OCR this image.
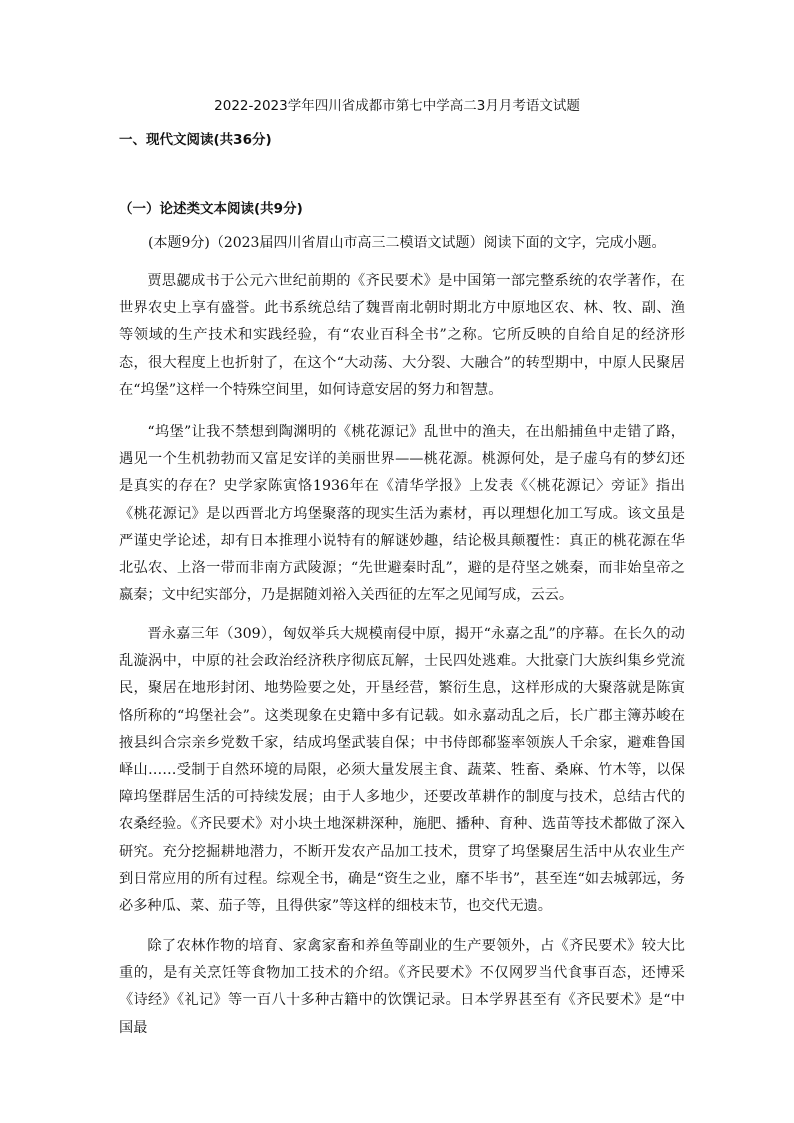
2022-2023学年四川省成都市第七中学高二3月月考语文试题
一、现代文阅读(共36分)
（一）论述类文本阅读(共9分)
(本题9分)（2023届四川省眉山市高三二模语文试题）阅读下面的文字，完成小题。
贾思勰成书于公元六世纪前期的《齐民要术》是中国第一部完整系统的农学著作，在世界农史上享有盛誉。此书系统总结了魏晋南北朝时期北方中原地区农、林、牧、副、渔等领域的生产技术和实践经验，有“农业百科全书”之称。它所反映的自给自足的经济形态，很大程度上也折射了，在这个“大动荡、大分裂、大融合”的转型期中，中原人民聚居在“坞堡”这样一个特殊空间里，如何诗意安居的努力和智慧。
“坞堡”让我不禁想到陶渊明的《桃花源记》乱世中的渔夫，在出船捕鱼中走错了路，遇见一个生机勃勃而又富足安详的美丽世界——桃花源。桃源何处，是子虚乌有的梦幻还是真实的存在？史学家陈寅恪1936年在《清华学报》上发表《〈桃花源记〉旁证》指出《桃花源记》是以西晋北方坞堡聚落的现实生活为素材，再以理想化加工写成。该文虽是严谨史学论述，却有日本推理小说特有的解谜妙趣，结论极具颠覆性：真正的桃花源在华北弘农、上洛一带而非南方武陵源；“先世避秦时乱”，避的是苻坚之姚秦，而非始皇帝之嬴秦；文中纪实部分，乃是据随刘裕入关西征的左军之见闻写成，云云。
晋永嘉三年（309），匈奴举兵大规模南侵中原，揭开“永嘉之乱”的序幕。在长久的动乱漩涡中，中原的社会政治经济秩序彻底瓦解，士民四处逃难。大批豪门大族纠集乡党流民，聚居在地形封闭、地势险要之处，开垦经营，繁衍生息，这样形成的大聚落就是陈寅恪所称的“坞堡社会”。这类现象在史籍中多有记载。如永嘉动乱之后，长广郡主簿苏峻在掖县纠合宗亲乡党数千家，结成坞堡武装自保；中书侍郎郗鉴率领族人千余家，避难鲁国峄山……受制于自然环境的局限，必须大量发展主食、蔬菜、牲畜、桑麻、竹木等，以保障坞堡群居生活的可持续发展；由于人多地少，还要改革耕作的制度与技术，总结古代的农桑经验。《齐民要术》对小块土地深耕深种，施肥、播种、育种、选苗等技术都做了深入研究。充分挖掘耕地潜力，不断开发农产品加工技术，贯穿了坞堡聚居生活中从农业生产到日常应用的所有过程。综观全书，确是“资生之业，靡不毕书”，甚至连“如去城郭远，务必多种瓜、菜、茄子等，且得供家”等这样的细枝末节，也交代无遗。
除了农林作物的培育、家禽家畜和养鱼等副业的生产要领外，占《齐民要术》较大比重的，是有关烹饪等食物加工技术的介绍。《齐民要术》不仅网罗当代食事百态，还博采《诗经》《礼记》等一百八十多种古籍中的饮馔记录。日本学界甚至有《齐民要术》是“中国最
